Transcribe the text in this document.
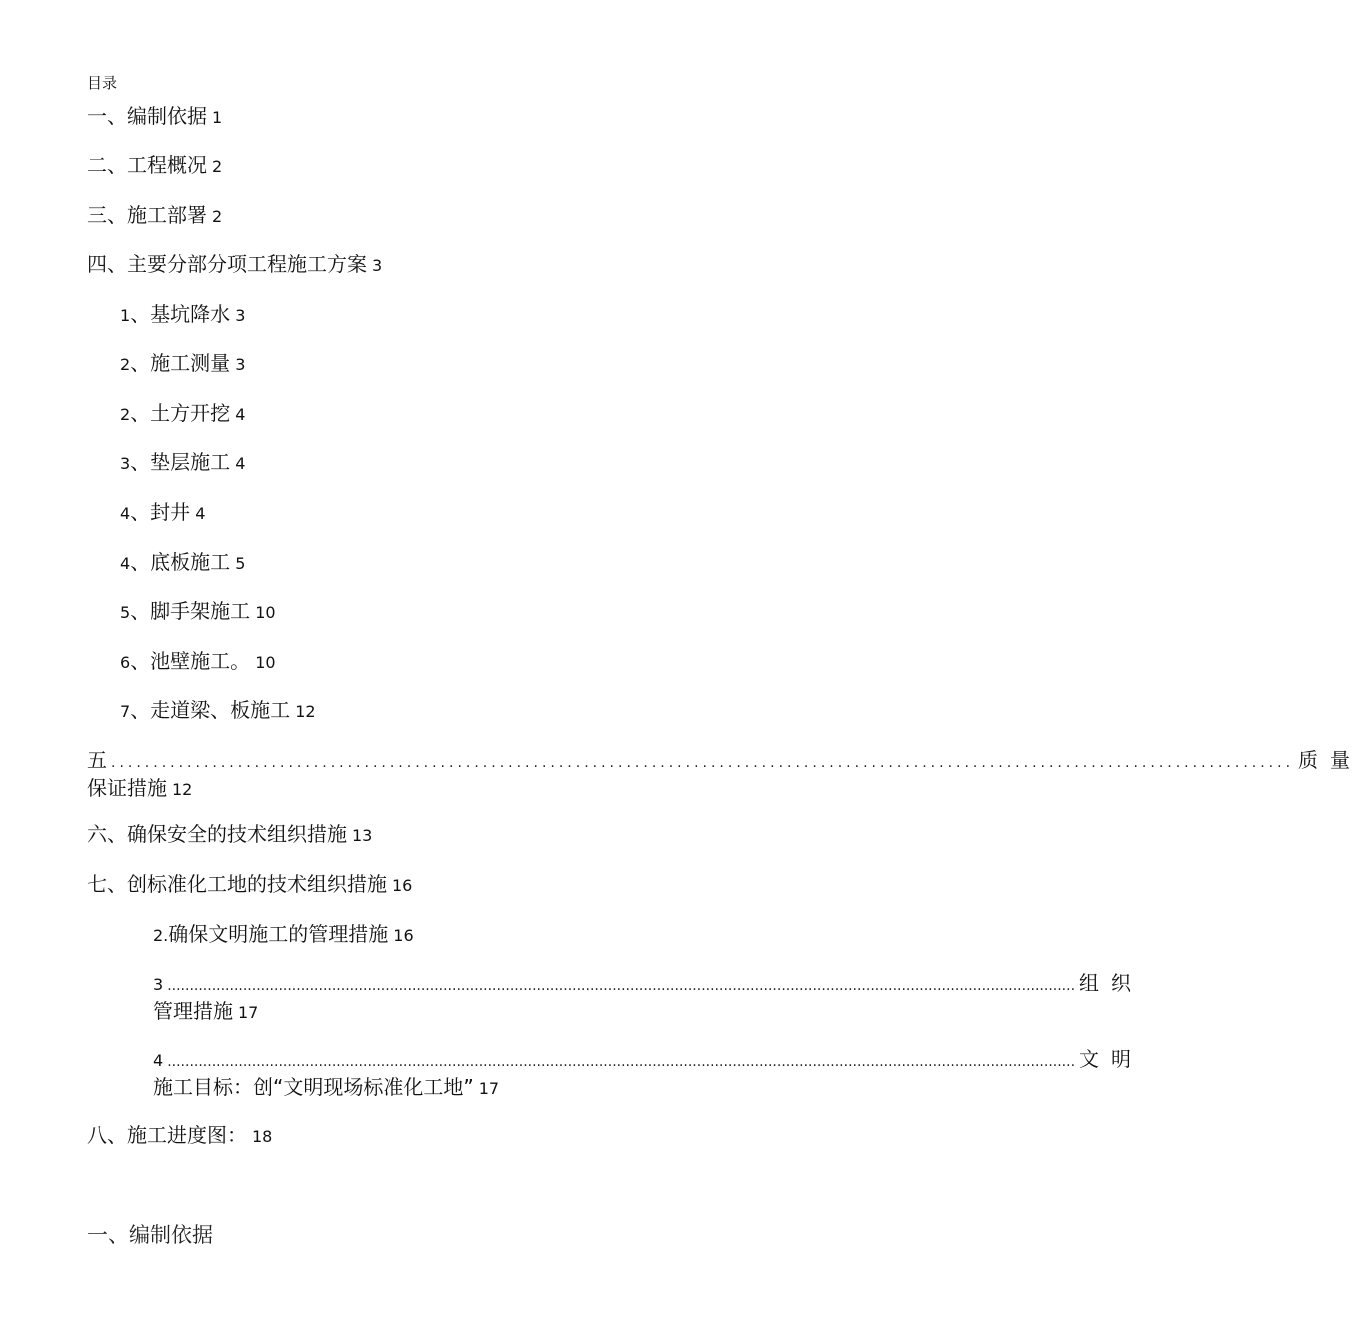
目录
一、编制依据 1
二、工程概况 2
三、施工部署 2
四、主要分部分项工程施工方案 3
1、基坑降水 3
2、施工测量 3
2、土方开挖 4
3、垫层施工 4
4、封井 4
4、底板施工 5
5、脚手架施工 10
6、池壁施工。 10
7、走道梁、板施工 12
五 ............................................................................................................................................ 质量
保证措施 12
六、确保安全的技术组织措施 13
七、创标准化工地的技术组织措施 16
2.确保文明施工的管理措施 16
3 ............................................................................................................................................................................................................ 组织
管理措施 17
4 ............................................................................................................................................................................................................ 文明
施工目标：创“文明现场标准化工地” 17
八、施工进度图： 18
一、编制依据
